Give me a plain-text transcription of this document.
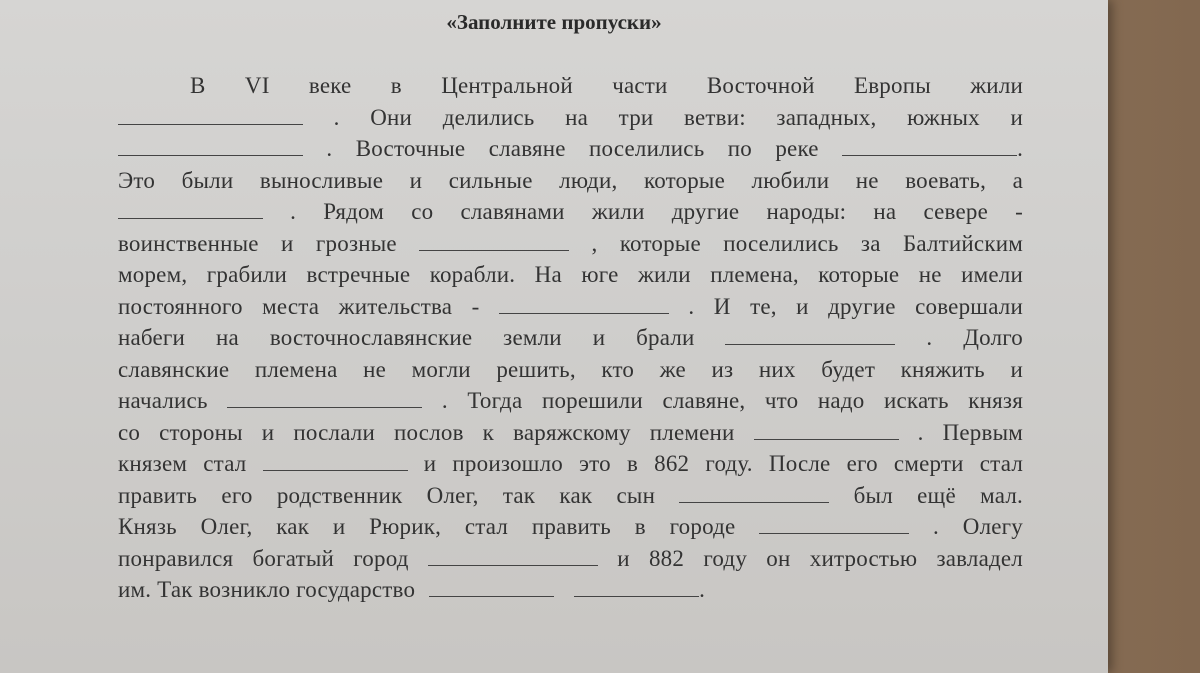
«Заполните пропуски»
В VI веке в Центральной части Восточной Европы жили
. Они делились на три ветви: западных, южных и
. Восточные славяне поселились по реке	.
Это были выносливые и сильные люди, которые любили не воевать, а
. Рядом со славянами жили другие народы: на севере -
воинственные и грозные	, которые поселились за Балтийским
морем, грабили встречные корабли. На юге жили племена, которые не имели
постоянного места жительства -	. И те, и другие совершали
набеги на восточнославянские земли и брали	. Долго
славянские племена не могли решить, кто же из них будет княжить и
начались	. Тогда порешили славяне, что надо искать князя
со стороны и послали послов к варяжскому племени	. Первым
князем стал	и произошло это в 862 году. После его смерти стал
править его родственник Олег, так как сын	был ещё мал.
Князь Олег, как и Рюрик, стал править в городе	. Олегу
понравился богатый город	и 882 году он хитростью завладел
им. Так возникло государство	.
